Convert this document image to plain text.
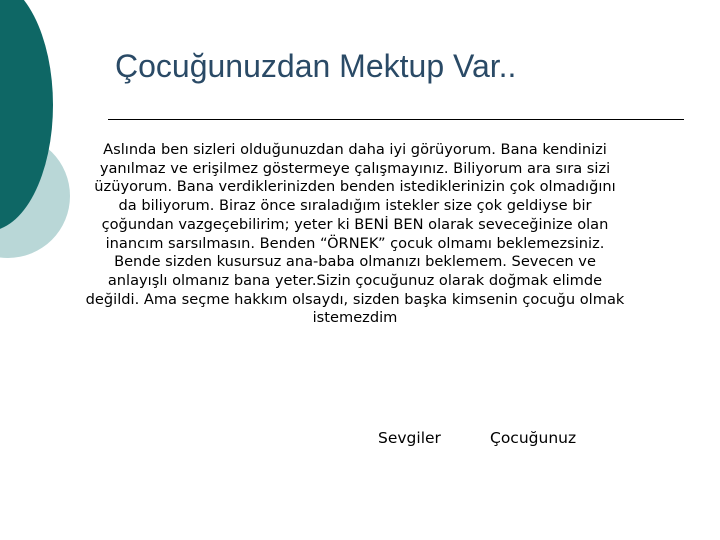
Çocuğunuzdan Mektup Var..

Aslında ben sizleri olduğunuzdan daha iyi görüyorum. Bana kendinizi yanılmaz ve erişilmez göstermeye çalışmayınız. Biliyorum ara sıra sizi üzüyorum. Bana verdiklerinizden benden istediklerinizin çok olmadığını da biliyorum. Biraz önce sıraladığım istekler size çok geldiyse bir çoğundan vazgeçebilirim; yeter ki BENİ BEN olarak seveceğinize olan inancım sarsılmasın. Benden “ÖRNEK” çocuk olmamı beklemezsiniz. Bende sizden kusursuz ana-baba olmanızı beklemem. Sevecen ve anlayışlı olmanız bana yeter.Sizin çocuğunuz olarak doğmak elimde değildi. Ama seçme hakkım olsaydı, sizden başka kimsenin çocuğu olmak istemezdim

Sevgiler	Çocuğunuz
